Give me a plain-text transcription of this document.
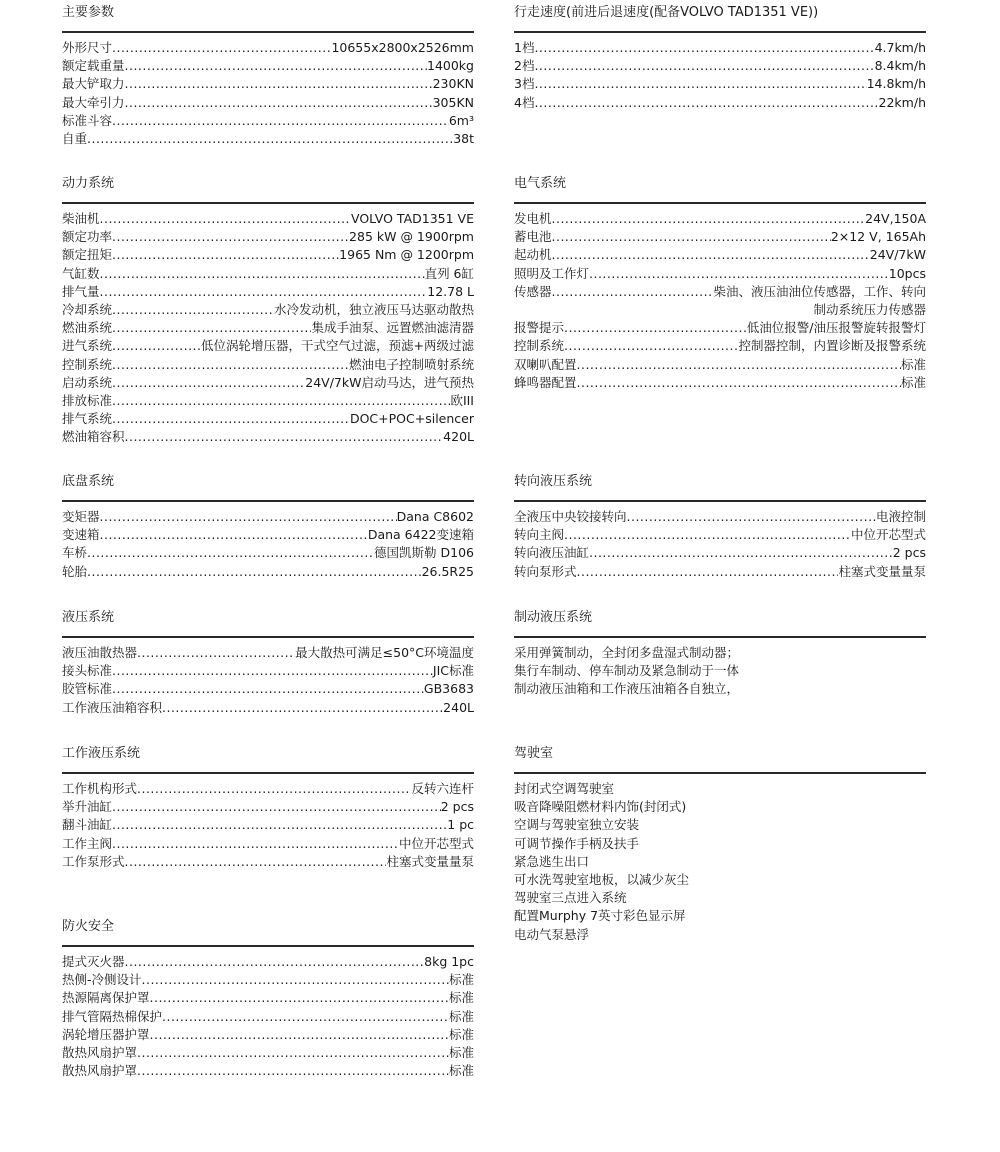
主要参数
外形尺寸 .....	10655x2800x2526mm
额定载重量 .....	1400kg
最大铲取力 .....	230KN
最大牵引力 .....	305KN
标准斗容 .....	6m³
自重 .....	38t
动力系统
柴油机 .....	VOLVO TAD1351 VE
额定功率 .....	285 kW @ 1900rpm
额定扭矩 .....	1965 Nm @ 1200rpm
气缸数 .....	直列 6缸
排气量 .....	12.78 L
冷却系统 .....	水冷发动机，独立液压马达驱动散热
燃油系统 .....	集成手油泵、远置燃油滤清器
进气系统 .....	低位涡轮增压器，干式空气过滤，预滤+两级过滤
控制系统 .....	燃油电子控制喷射系统
启动系统 .....	24V/7kW启动马达，进气预热
排放标准 .....	欧III
排气系统 .....	DOC+POC+silencer
燃油箱容积 .....	420L
底盘系统
变矩器 .....	Dana C8602
变速箱 .....	Dana 6422变速箱
车桥 .....	德国凯斯勒 D106
轮胎 .....	26.5R25
液压系统
液压油散热器 .....	最大散热可满足≤50°C环境温度
接头标准 .....	JIC标准
胶管标准 .....	GB3683
工作液压油箱容积 .....	240L
工作液压系统
工作机构形式 .....	反转六连杆
举升油缸 .....	2 pcs
翻斗油缸 .....	1 pc
工作主阀 .....	中位开芯型式
工作泵形式 .....	柱塞式变量量泵
防火安全
提式灭火器 .....	8kg 1pc
热侧-冷侧设计 .....	标准
热源隔离保护罩 .....	标准
排气管隔热棉保护 .....	标准
涡轮增压器护罩 .....	标准
散热风扇护罩 .....	标准
散热风扇护罩 .....	标准
行走速度(前进后退速度(配备VOLVO TAD1351 VE))
1档 .....	4.7km/h
2档 .....	8.4km/h
3档 .....	14.8km/h
4档 .....	22km/h
电气系统
发电机 .....	24V,150A
蓄电池 .....	2×12 V, 165Ah
起动机 .....	24V/7kW
照明及工作灯 .....	10pcs
传感器 .....	柴油、液压油油位传感器，工作、转向
制动系统压力传感器
报警提示 .....	低油位报警/油压报警旋转报警灯
控制系统 .....	控制器控制，内置诊断及报警系统
双喇叭配置 .....	标准
蜂鸣器配置 .....	标准
转向液压系统
全液压中央铰接转向 .....	电液控制
转向主阀 .....	中位开芯型式
转向液压油缸 .....	2 pcs
转向泵形式 .....	柱塞式变量量泵
制动液压系统
采用弹簧制动，全封闭多盘湿式制动器；
集行车制动、停车制动及紧急制动于一体
制动液压油箱和工作液压油箱各自独立，
驾驶室
封闭式空调驾驶室
吸音降噪阻燃材料内饰(封闭式)
空调与驾驶室独立安装
可调节操作手柄及扶手
紧急逃生出口
可水洗驾驶室地板，以减少灰尘
驾驶室三点进入系统
配置Murphy 7英寸彩色显示屏
电动气泵悬浮
